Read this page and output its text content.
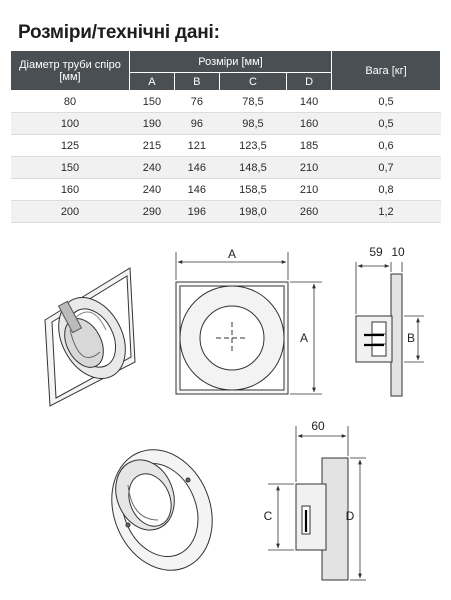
Розміри/технічні дані:
Діаметр труби спіро [мм]	Розміри [мм]				Вага [кг]
	A	B	C	D	
80	150	76	78,5	140	0,5
100	190	96	98,5	160	0,5
125	215	121	123,5	185	0,6
150	240	146	148,5	210	0,7
160	240	146	158,5	210	0,8
200	290	196	198,0	260	1,2
A
A
59 10
B
60
C	D
